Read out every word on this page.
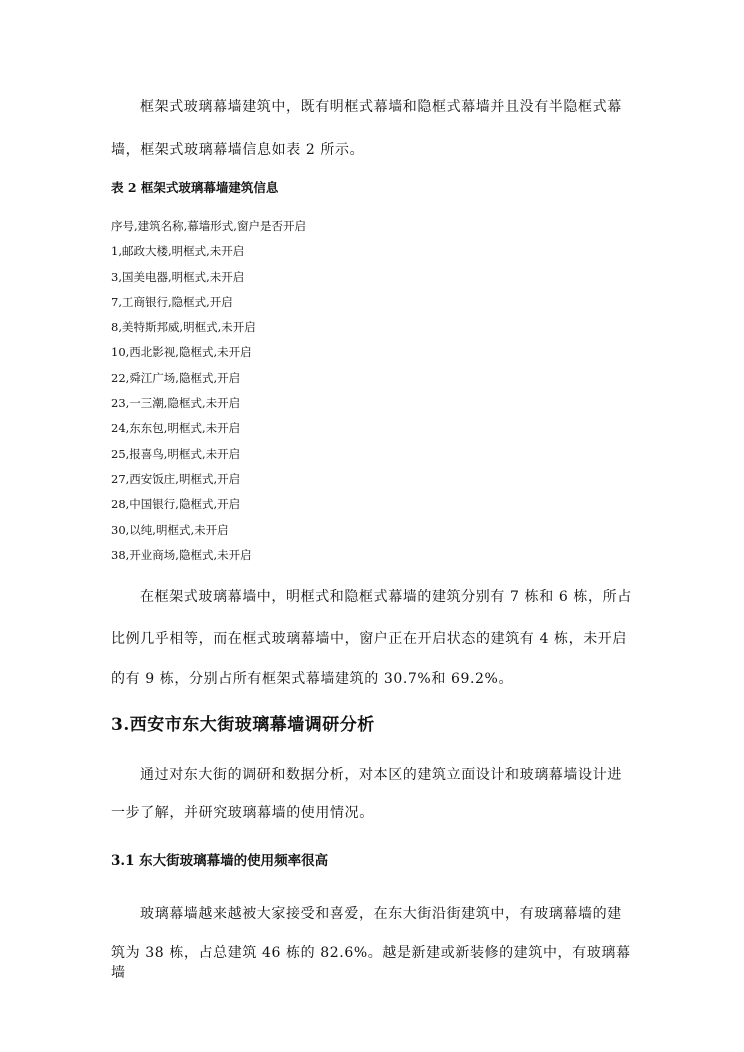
框架式玻璃幕墙建筑中，既有明框式幕墙和隐框式幕墙并且没有半隐框式幕
墙，框架式玻璃幕墙信息如表 2 所示。
表 2 框架式玻璃幕墙建筑信息
序号,建筑名称,幕墙形式,窗户是否开启
1,邮政大楼,明框式,未开启
3,国美电器,明框式,未开启
7,工商银行,隐框式,开启
8,美特斯邦威,明框式,未开启
10,西北影视,隐框式,未开启
22,舜江广场,隐框式,开启
23,一三潮,隐框式,未开启
24,东东包,明框式,未开启
25,报喜鸟,明框式,未开启
27,西安饭庄,明框式,开启
28,中国银行,隐框式,开启
30,以纯,明框式,未开启
38,开业商场,隐框式,未开启
在框架式玻璃幕墙中，明框式和隐框式幕墙的建筑分别有 7 栋和 6 栋，所占
比例几乎相等，而在框式玻璃幕墙中，窗户正在开启状态的建筑有 4 栋，未开启
的有 9 栋，分别占所有框架式幕墙建筑的 30.7%和 69.2%。
3.西安市东大街玻璃幕墙调研分析
通过对东大街的调研和数据分析，对本区的建筑立面设计和玻璃幕墙设计进
一步了解，并研究玻璃幕墙的使用情况。
3.1 东大街玻璃幕墙的使用频率很高
玻璃幕墙越来越被大家接受和喜爱，在东大街沿街建筑中，有玻璃幕墙的建
筑为 38 栋，占总建筑 46 栋的 82.6%。越是新建或新装修的建筑中，有玻璃幕墙
